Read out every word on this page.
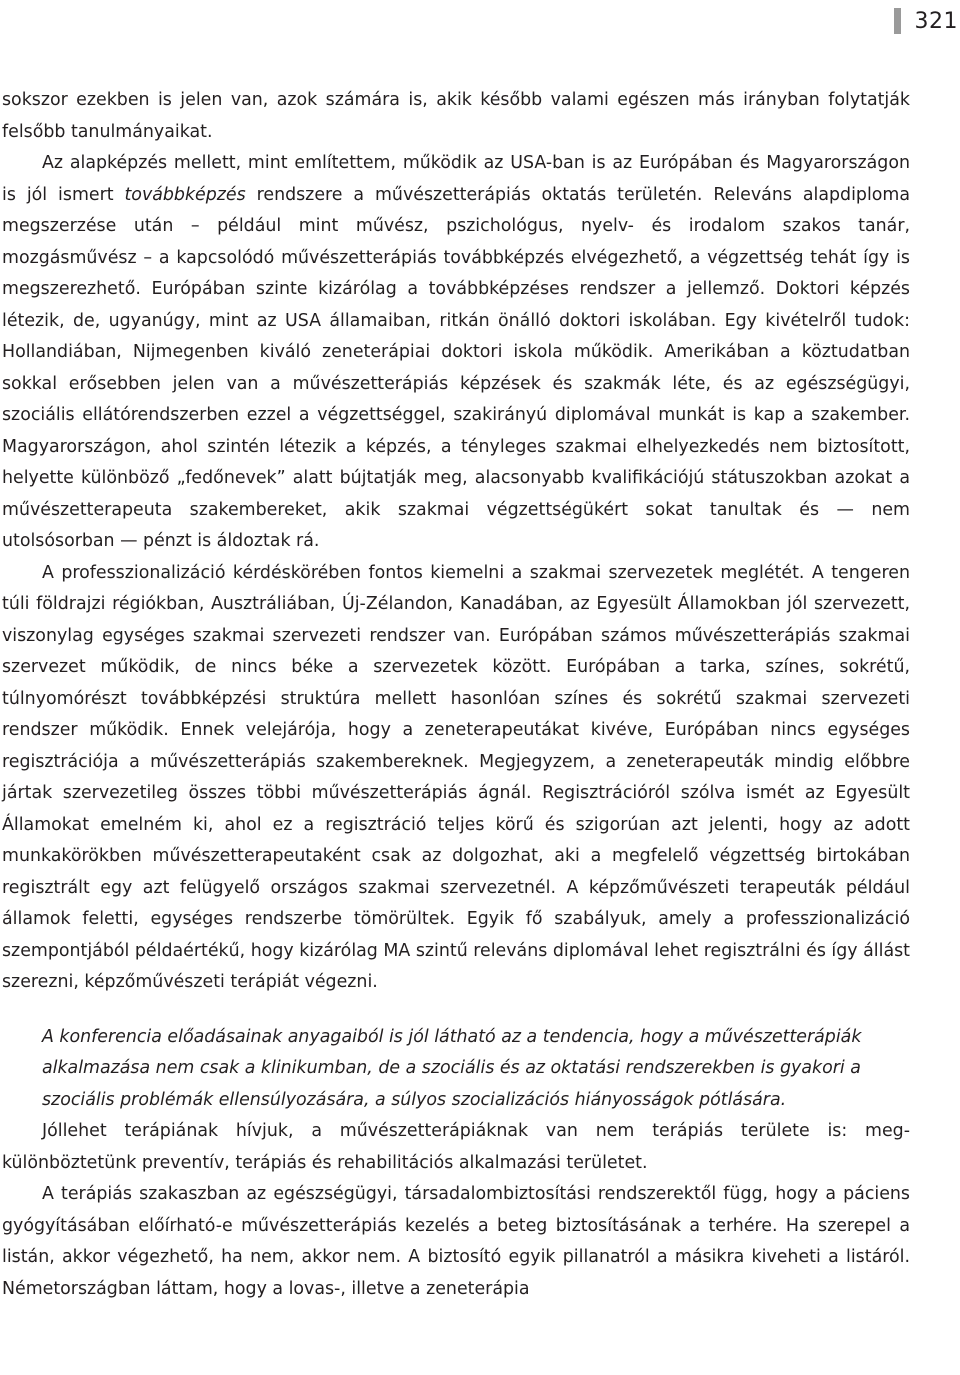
321

sokszor ezekben is jelen van, azok számára is, akik később valami egészen más irányban folytatják felsőbb tanulmányaikat.

Az alapképzés mellett, mint említettem, működik az USA-ban is az Európában és Magyarországon is jól ismert továbbképzés rendszere a művészetterápiás oktatás területén. Releváns alapdiploma megszerzése után – például mint művész, pszichológus, nyelv- és irodalom szakos tanár, mozgásművész – a kapcsolódó művészetterápiás továbbképzés elvégezhető, a végzettség tehát így is megszerezhető. Európában szinte kizárólag a továbbképzéses rendszer a jellemző. Doktori képzés létezik, de, ugyanúgy, mint az USA államaiban, ritkán önálló doktori iskolában. Egy kivételről tudok: Hollandiában, Nijmegenben kiváló zeneterápiai doktori iskola működik. Amerikában a köztudatban sokkal erősebben jelen van a művészetterápiás képzések és szakmák léte, és az egészségügyi, szociális ellátórendszerben ezzel a végzettséggel, szakirányú diplomával munkát is kap a szakember. Magyarországon, ahol szintén létezik a képzés, a tényleges szakmai elhelyezkedés nem biztosított, helyette különböző „fedőnevek” alatt bújtatják meg, alacsonyabb kvalifikációjú státuszokban azokat a művészetterapeuta szakembereket, akik szakmai végzettségükért sokat tanultak és — nem utolsósorban — pénzt is áldoztak rá.

A professzionalizáció kérdéskörében fontos kiemelni a szakmai szervezetek meglétét. A tengeren túli földrajzi régiókban, Ausztráliában, Új-Zélandon, Kanadában, az Egyesült Államokban jól szervezett, viszonylag egységes szakmai szervezeti rendszer van. Európában számos művészetterápiás szakmai szervezet működik, de nincs béke a szervezetek között. Európában a tarka, színes, sokrétű, túlnyomórészt továbbképzési struktúra mellett hasonlóan színes és sokrétű szakmai szervezeti rendszer működik. Ennek velejárója, hogy a zeneterapeutákat kivéve, Európában nincs egységes regisztrációja a művészetterápiás szakembereknek. Megjegyzem, a zeneterapeuták mindig előbbre jártak szervezetileg összes többi művészetterápiás ágnál. Regisztrációról szólva ismét az Egyesült Államokat emelném ki, ahol ez a regisztráció teljes körű és szigorúan azt jelenti, hogy az adott munkakörökben művészetterapeutaként csak az dolgozhat, aki a megfelelő végzettség birtokában regisztrált egy azt felügyelő országos szakmai szervezetnél. A képzőművészeti terapeuták például államok feletti, egységes rendszerbe tömörültek. Egyik fő szabályuk, amely a professzionalizáció szempontjából példaértékű, hogy kizárólag MA szintű releváns diplomával lehet regisztrálni és így állást szerezni, képzőművészeti terápiát végezni.

A konferencia előadásainak anyagaiból is jól látható az a tendencia, hogy a művészetterápiák alkalmazása nem csak a klinikumban, de a szociális és az oktatási rendszerekben is gyakori a szociális problémák ellensúlyozására, a súlyos szocializációs hiányosságok pótlására.

Jóllehet terápiának hívjuk, a művészetterápiáknak van nem terápiás területe is: megkülönböztetünk preventív, terápiás és rehabilitációs alkalmazási területet.

A terápiás szakaszban az egészségügyi, társadalombiztosítási rendszerektől függ, hogy a páciens gyógyításában előírható-e művészetterápiás kezelés a beteg biztosításának a terhére. Ha szerepel a listán, akkor végezhető, ha nem, akkor nem. A biztosító egyik pillanatról a másikra kiveheti a listáról. Németországban láttam, hogy a lovas-, illetve a zeneterápia
